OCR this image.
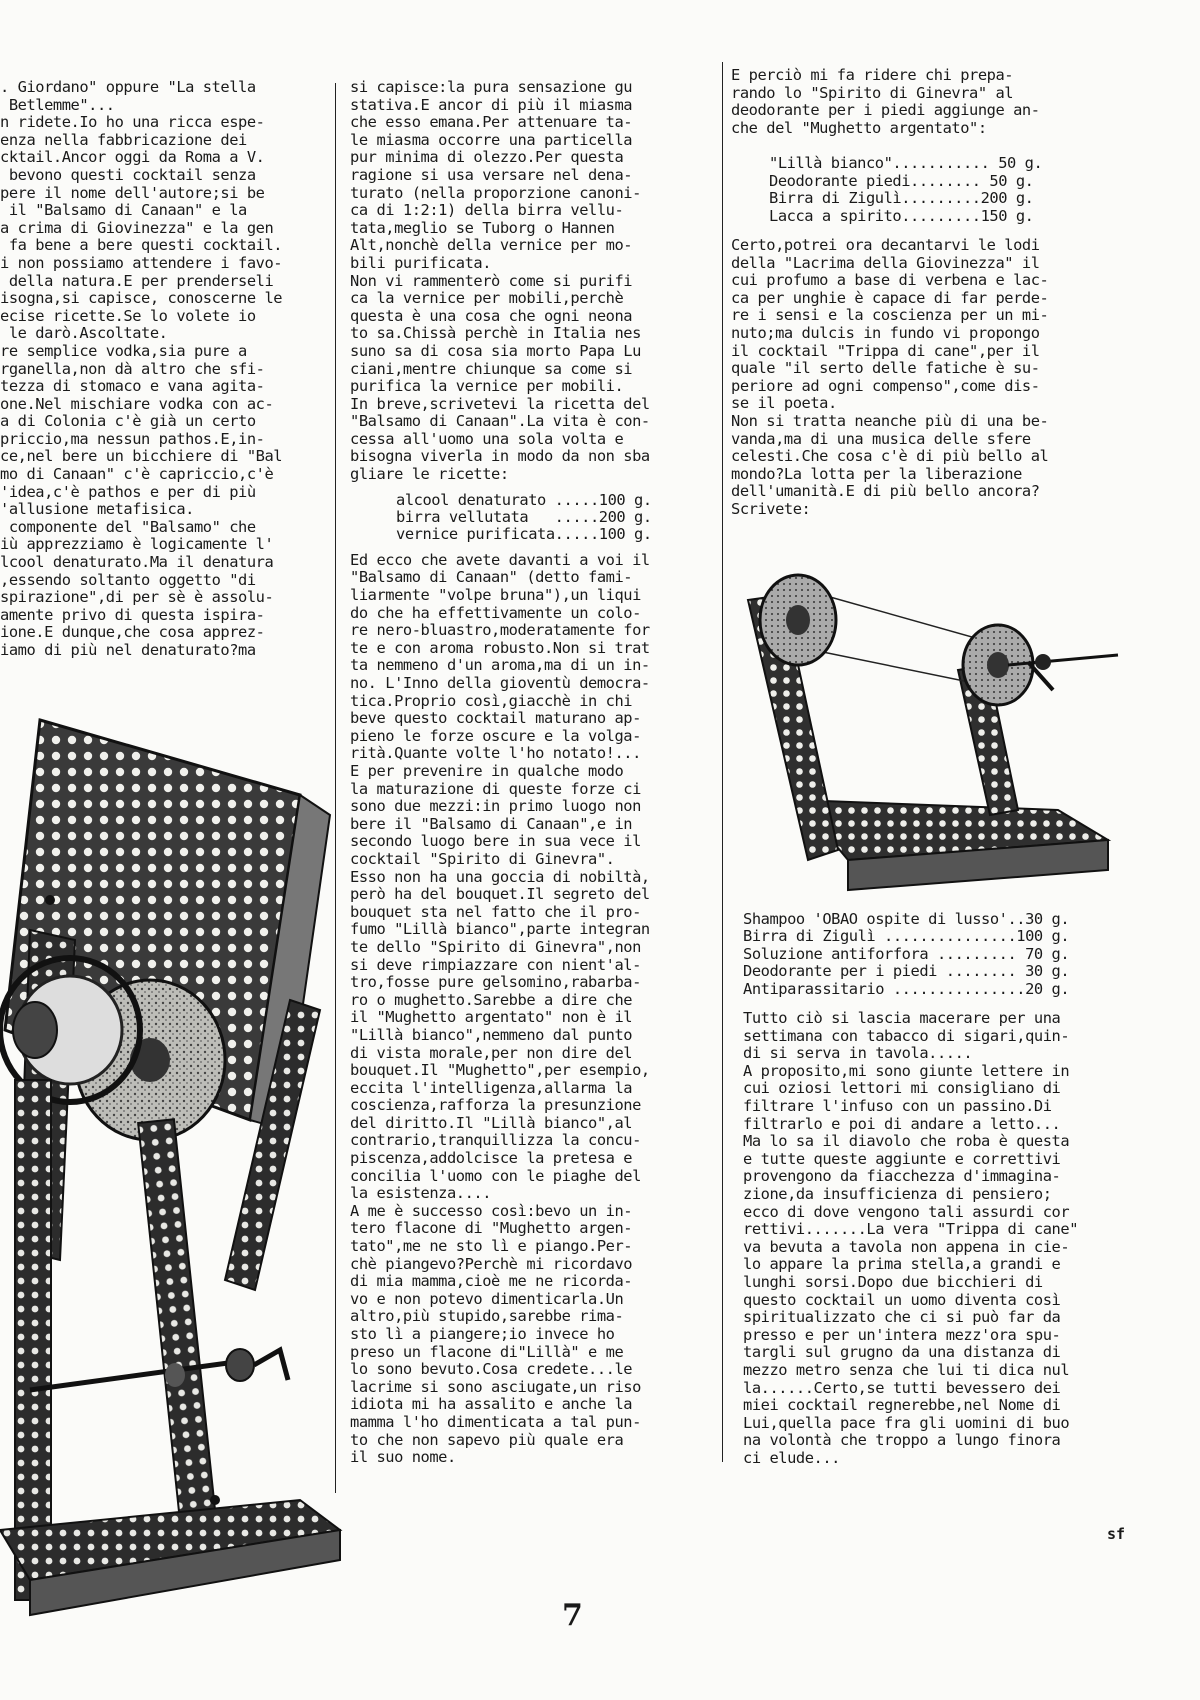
. Giordano" oppure "La stella
Betlemme"...
n ridete.Io ho una ricca espe-
enza nella fabbricazione dei
cktail.Ancor oggi da Roma a V.
bevono questi cocktail senza
pere il nome dell'autore;si be
il "Balsamo di Canaan" e la
a crima di Giovinezza" e la gen
fa bene a bere questi cocktail.
i non possiamo attendere i favo-
della natura.E per prenderseli
isogna,si capisce, conoscerne le
ecise ricette.Se lo volete io
le darò.Ascoltate.
re semplice vodka,sia pure a
rganella,non dà altro che sfi-
tezza di stomaco e vana agita-
one.Nel mischiare vodka con ac-
a di Colonia c'è già un certo
priccio,ma nessun pathos.E,in-
ce,nel bere un bicchiere di "Bal
mo di Canaan" c'è capriccio,c'è
'idea,c'è pathos e per di più
'allusione metafisica.
componente del "Balsamo" che
iù apprezziamo è logicamente l'
lcool denaturato.Ma il denatura
,essendo soltanto oggetto "di
spirazione",di per sè è assolu-
amente privo di questa ispira-
ione.E dunque,che cosa apprez-
iamo di più nel denaturato?ma
si capisce:la pura sensazione gu
stativa.E ancor di più il miasma
che esso emana.Per attenuare ta-
le miasma occorre una particella
pur minima di olezzo.Per questa
ragione si usa versare nel dena-
turato (nella proporzione canoni-
ca di 1:2:1) della birra vellu-
tata,meglio se Tuborg o Hannen
Alt,nonchè della vernice per mo-
bili purificata.
Non vi rammenterò come si purifi
ca la vernice per mobili,perchè
questa è una cosa che ogni neona
to sa.Chissà perchè in Italia nes
suno sa di cosa sia morto Papa Lu
ciani,mentre chiunque sa come si
purifica la vernice per mobili.
In breve,scrivetevi la ricetta del
"Balsamo di Canaan".La vita è con-
cessa all'uomo una sola volta e
bisogna viverla in modo da non sba
gliare le ricette:
alcool denaturato .....100 g.
birra vellutata   .....200 g.
vernice purificata.....100 g.
Ed ecco che avete davanti a voi il
"Balsamo di Canaan" (detto fami-
liarmente "volpe bruna"),un liqui
do che ha effettivamente un colo-
re nero-bluastro,moderatamente for
te e con aroma robusto.Non si trat
ta nemmeno d'un aroma,ma di un in-
no. L'Inno della gioventù democra-
tica.Proprio così,giacchè in chi
beve questo cocktail maturano ap-
pieno le forze oscure e la volga-
rità.Quante volte l'ho notato!...
E per prevenire in qualche modo
la maturazione di queste forze ci
sono due mezzi:in primo luogo non
bere il "Balsamo di Canaan",e in
secondo luogo bere in sua vece il
cocktail "Spirito di Ginevra".
Esso non ha una goccia di nobiltà,
però ha del bouquet.Il segreto del
bouquet sta nel fatto che il pro-
fumo "Lillà bianco",parte integran
te dello "Spirito di Ginevra",non
si deve rimpiazzare con nient'al-
tro,fosse pure gelsomino,rabarba-
ro o mughetto.Sarebbe a dire che
il "Mughetto argentato" non è il
"Lillà bianco",nemmeno dal punto
di vista morale,per non dire del
bouquet.Il "Mughetto",per esempio,
eccita l'intelligenza,allarma la
coscienza,rafforza la presunzione
del diritto.Il "Lillà bianco",al
contrario,tranquillizza la concu-
piscenza,addolcisce la pretesa e
concilia l'uomo con le piaghe del
la esistenza....
A me è successo così:bevo un in-
tero flacone di "Mughetto argen-
tato",me ne sto lì e piango.Per-
chè piangevo?Perchè mi ricordavo
di mia mamma,cioè me ne ricorda-
vo e non potevo dimenticarla.Un
altro,più stupido,sarebbe rima-
sto lì a piangere;io invece ho
preso un flacone di"Lillà" e me
lo sono bevuto.Cosa credete...le
lacrime si sono asciugate,un riso
idiota mi ha assalito e anche la
mamma l'ho dimenticata a tal pun-
to che non sapevo più quale era
il suo nome.
E perciò mi fa ridere chi prepa-
rando lo "Spirito di Ginevra" al
deodorante per i piedi aggiunge an-
che del "Mughetto argentato":
"Lillà bianco"........... 50 g.
Deodorante piedi........ 50 g.
Birra di Zigulì.........200 g.
Lacca a spirito.........150 g.
Certo,potrei ora decantarvi le lodi
della "Lacrima della Giovinezza" il
cui profumo a base di verbena e lac-
ca per unghie è capace di far perde-
re i sensi e la coscienza per un mi-
nuto;ma dulcis in fundo vi propongo
il cocktail "Trippa di cane",per il
quale "il serto delle fatiche è su-
periore ad ogni compenso",come dis-
se il poeta.
Non si tratta neanche più di una be-
vanda,ma di una musica delle sfere
celesti.Che cosa c'è di più bello al
mondo?La lotta per la liberazione
dell'umanità.E di più bello ancora?
Scrivete:
Shampoo 'OBAO ospite di lusso'..30 g.
Birra di Zigulì ...............100 g.
Soluzione antiforfora ......... 70 g.
Deodorante per i piedi ........ 30 g.
Antiparassitario ...............20 g.
Tutto ciò si lascia macerare per una
settimana con tabacco di sigari,quin-
di si serva in tavola.....
A proposito,mi sono giunte lettere in
cui oziosi lettori mi consigliano di
filtrare l'infuso con un passino.Di
filtrarlo e poi di andare a letto...
Ma lo sa il diavolo che roba è questa
e tutte queste aggiunte e correttivi
provengono da fiacchezza d'immagina-
zione,da insufficienza di pensiero;
ecco di dove vengono tali assurdi cor
rettivi.......La vera "Trippa di cane"
va bevuta a tavola non appena in cie-
lo appare la prima stella,a grandi e
lunghi sorsi.Dopo due bicchieri di
questo cocktail un uomo diventa così
spiritualizzato che ci si può far da
presso e per un'intera mezz'ora spu-
targli sul grugno da una distanza di
mezzo metro senza che lui ti dica nul
la......Certo,se tutti bevessero dei
miei cocktail regnerebbe,nel Nome di
Lui,quella pace fra gli uomini di buo
na volontà che troppo a lungo finora
ci elude...
sf
7
